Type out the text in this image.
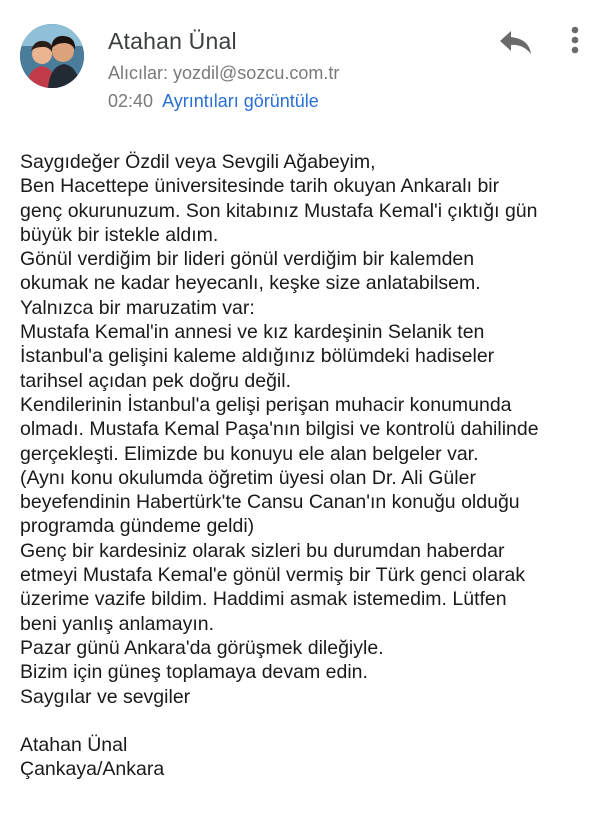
Atahan Ünal
Alıcılar: yozdil@sozcu.com.tr
02:40 Ayrıntıları görüntüle
Saygıdeğer Özdil veya Sevgili Ağabeyim,
Ben Hacettepe üniversitesinde tarih okuyan Ankaralı bir
genç okurunuzum. Son kitabınız Mustafa Kemal'i çıktığı gün
büyük bir istekle aldım.
Gönül verdiğim bir lideri gönül verdiğim bir kalemden
okumak ne kadar heyecanlı, keşke size anlatabilsem.
Yalnızca bir maruzatim var:
Mustafa Kemal'in annesi ve kız kardeşinin Selanik ten
İstanbul'a gelişini kaleme aldığınız bölümdeki hadiseler
tarihsel açıdan pek doğru değil.
Kendilerinin İstanbul'a gelişi perişan muhacir konumunda
olmadı. Mustafa Kemal Paşa'nın bilgisi ve kontrolü dahilinde
gerçekleşti. Elimizde bu konuyu ele alan belgeler var.
(Aynı konu okulumda öğretim üyesi olan Dr. Ali Güler
beyefendinin Habertürk'te Cansu Canan'ın konuğu olduğu
programda gündeme geldi)
Genç bir kardesiniz olarak sizleri bu durumdan haberdar
etmeyi Mustafa Kemal'e gönül vermiş bir Türk genci olarak
üzerime vazife bildim. Haddimi asmak istemedim. Lütfen
beni yanlış anlamayın.
Pazar günü Ankara'da görüşmek dileğiyle.
Bizim için güneş toplamaya devam edin.
Saygılar ve sevgiler
Atahan Ünal
Çankaya/Ankara
